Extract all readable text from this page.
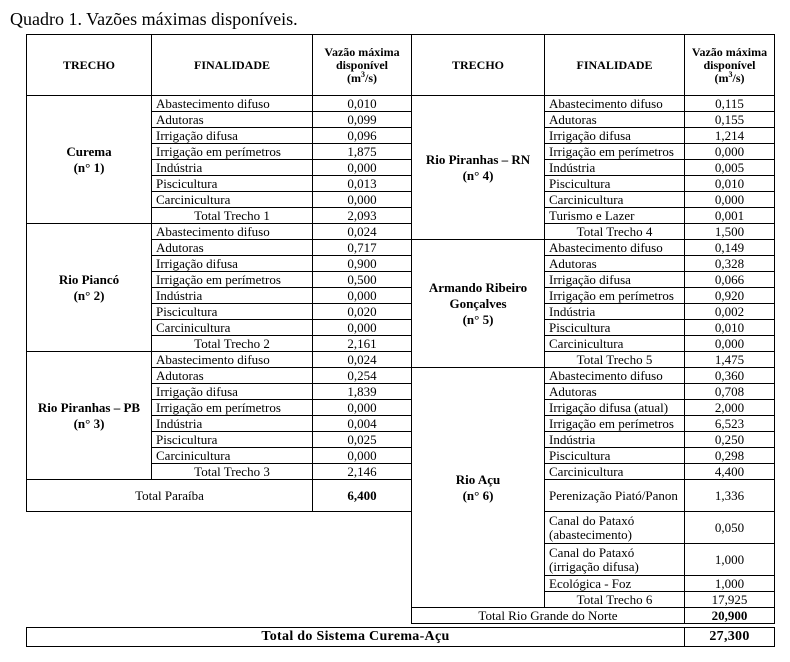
Quadro 1. Vazões máximas disponíveis.
TRECHO	FINALIDADE	Vazão máxima disponível
$(m^3/s)$

Curema
(n° 1)	Abastecimento difuso	0,010
	Adutoras	0,099
	Irrigação difusa	0,096
	Irrigação em perímetros	1,875
	Indústria	0,000
	Piscicultura	0,013
	Carcinicultura	0,000
	Total Trecho 1	2,093

Rio Piancó
(n° 2)	Abastecimento difuso	0,024
	Adutoras	0,717
	Irrigação difusa	0,900
	Irrigação em perímetros	0,500
	Indústria	0,000
	Piscicultura	0,020
	Carcinicultura	0,000
	Total Trecho 2	2,161

Rio Piranhas – PB
(n° 3)	Abastecimento difuso	0,024
	Adutoras	0,254
	Irrigação difusa	1,839
	Irrigação em perímetros	0,000
	Indústria	0,004
	Piscicultura	0,025
	Carcinicultura	0,000
	Total Trecho 3	2,146
Total Paraíba		6,400
TRECHO	FINALIDADE	Vazão máxima disponível
$(m^3/s)$

Rio Piranhas – RN
(n° 4)	Abastecimento difuso	0,115
	Adutoras	0,155
	Irrigação difusa	1,214
	Irrigação em perímetros	0,000
	Indústria	0,005
	Piscicultura	0,010
	Carcinicultura	0,000
	Turismo e Lazer	0,001
	Total Trecho 4	1,500

Armando Ribeiro Gonçalves
(n° 5)	Abastecimento difuso	0,149
	Adutoras	0,328
	Irrigação difusa	0,066
	Irrigação em perímetros	0,920
	Indústria	0,002
	Piscicultura	0,010
	Carcinicultura	0,000
	Total Trecho 5	1,475

Rio Açu
(n° 6)	Abastecimento difuso	0,360
	Adutoras	0,708
	Irrigação difusa (atual)	2,000
	Irrigação em perímetros	6,523
	Indústria	0,250
	Piscicultura	0,298
	Carcinicultura	4,400
	Perenização Piató/Panon	1,336
	Canal do Pataxó (abastecimento)	0,050
	Canal do Pataxó (irrigação difusa)	1,000
	Ecológica - Foz	1,000
	Total Trecho 6	17,925
Total Rio Grande do Norte		20,900
Total do Sistema Curema-Açu	27,300
